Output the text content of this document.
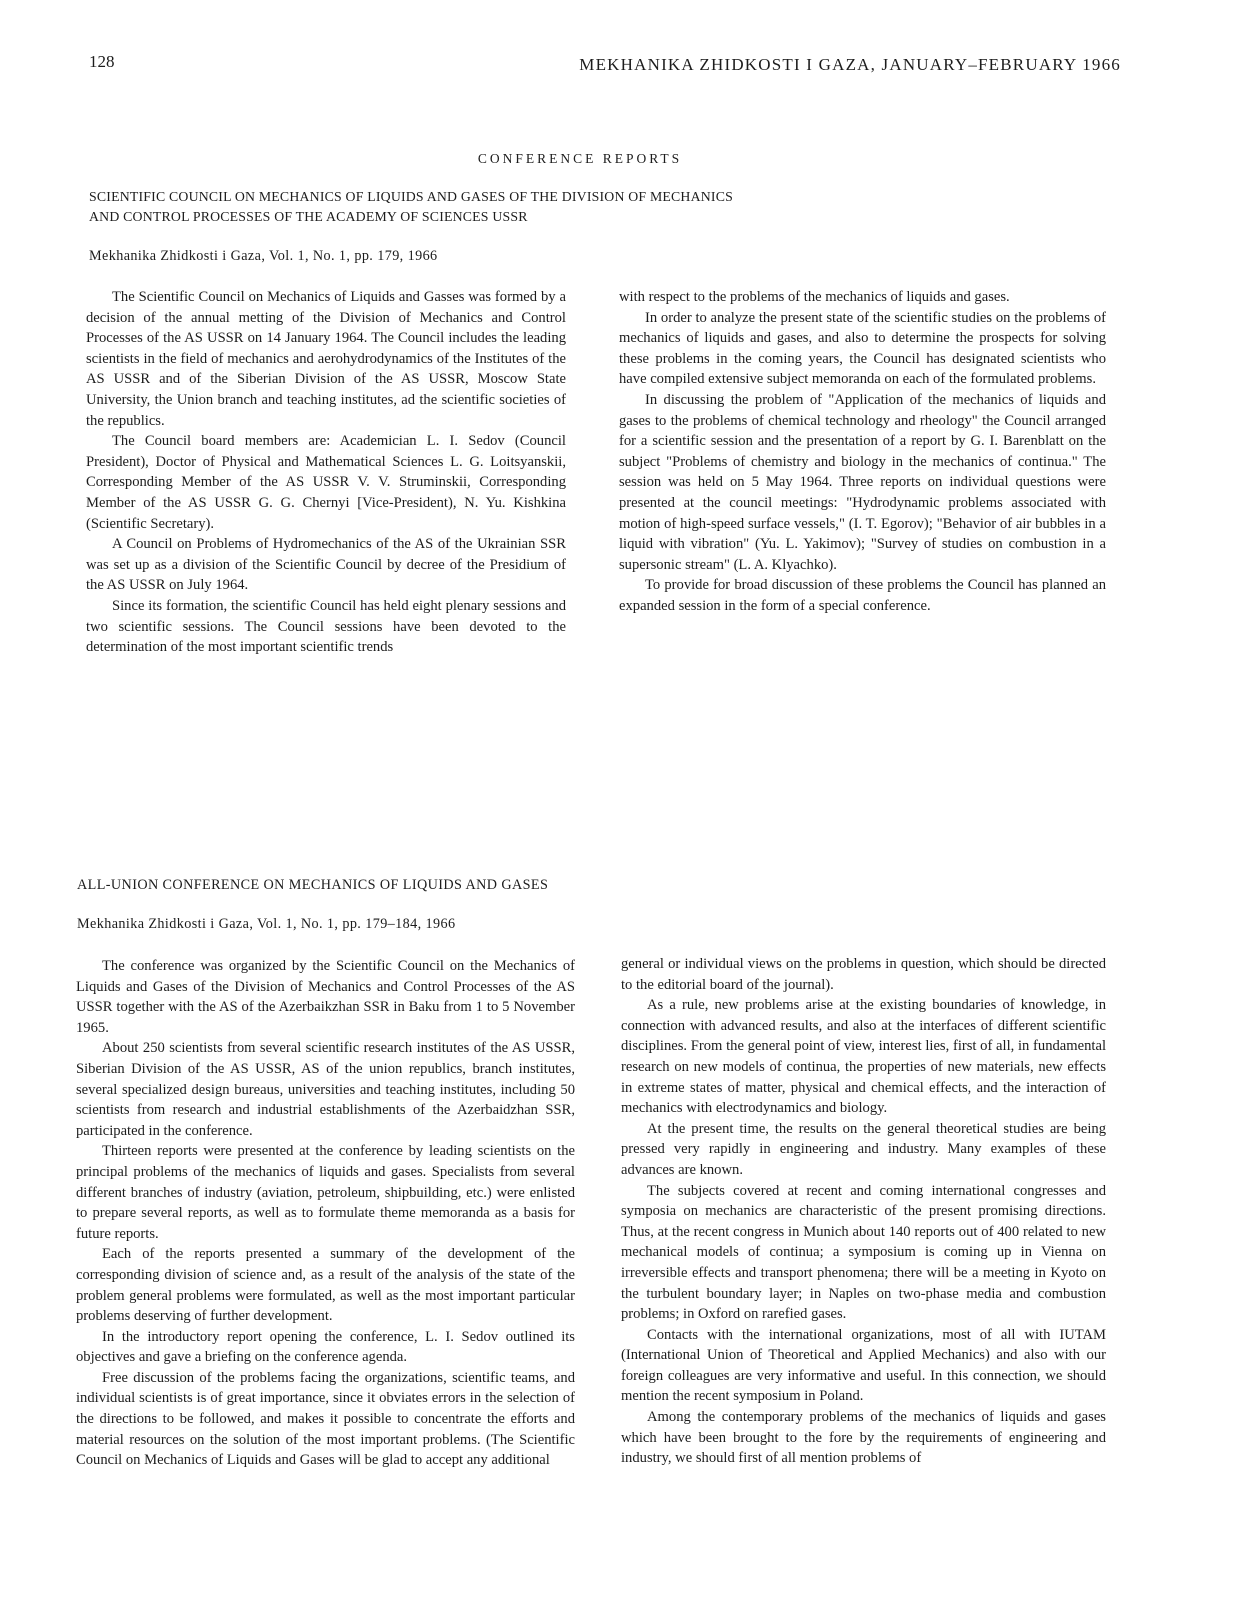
128	MEKHANIKA ZHIDKOSTI I GAZA, JANUARY–FEBRUARY 1966
CONFERENCE REPORTS
SCIENTIFIC COUNCIL ON MECHANICS OF LIQUIDS AND GASES OF THE DIVISION OF MECHANICS
AND CONTROL PROCESSES OF THE ACADEMY OF SCIENCES USSR
Mekhanika Zhidkosti i Gaza, Vol. 1, No. 1, pp. 179, 1966

The Scientific Council on Mechanics of Liquids and Gasses was formed by a decision of the annual metting of the Division of Mechanics and Control Processes of the AS USSR on 14 January 1964. The Council includes the leading scientists in the field of mechanics and aerohydrodynamics of the Institutes of the AS USSR and of the Siberian Division of the AS USSR, Moscow State University, the Union branch and teaching institutes, ad the scientific societies of the republics.

The Council board members are: Academician L. I. Sedov (Council President), Doctor of Physical and Mathematical Sciences L. G. Loitsyanskii, Corresponding Member of the AS USSR V. V. Struminskii, Corresponding Member of the AS USSR G. G. Chernyi [Vice-President), N. Yu. Kishkina (Scientific Secretary).

A Council on Problems of Hydromechanics of the AS of the Ukrainian SSR was set up as a division of the Scientific Council by decree of the Presidium of the AS USSR on July 1964.

Since its formation, the scientific Council has held eight plenary sessions and two scientific sessions. The Council sessions have been devoted to the determination of the most important scientific trends

with respect to the problems of the mechanics of liquids and gases.

In order to analyze the present state of the scientific studies on the problems of mechanics of liquids and gases, and also to determine the prospects for solving these problems in the coming years, the Council has designated scientists who have compiled extensive subject memoranda on each of the formulated problems.

In discussing the problem of "Application of the mechanics of liquids and gases to the problems of chemical technology and rheology" the Council arranged for a scientific session and the presentation of a report by G. I. Barenblatt on the subject "Problems of chemistry and biology in the mechanics of continua." The session was held on 5 May 1964. Three reports on individual questions were presented at the council meetings: "Hydrodynamic problems associated with motion of high-speed surface vessels," (I. T. Egorov); "Behavior of air bubbles in a liquid with vibration" (Yu. L. Yakimov); "Survey of studies on combustion in a supersonic stream" (L. A. Klyachko).

To provide for broad discussion of these problems the Council has planned an expanded session in the form of a special conference.

ALL-UNION CONFERENCE ON MECHANICS OF LIQUIDS AND GASES
Mekhanika Zhidkosti i Gaza, Vol. 1, No. 1, pp. 179–184, 1966

The conference was organized by the Scientific Council on the Mechanics of Liquids and Gases of the Division of Mechanics and Control Processes of the AS USSR together with the AS of the Azerbaikzhan SSR in Baku from 1 to 5 November 1965.

About 250 scientists from several scientific research institutes of the AS USSR, Siberian Division of the AS USSR, AS of the union republics, branch institutes, several specialized design bureaus, universities and teaching institutes, including 50 scientists from research and industrial establishments of the Azerbaidzhan SSR, participated in the conference.

Thirteen reports were presented at the conference by leading scientists on the principal problems of the mechanics of liquids and gases. Specialists from several different branches of industry (aviation, petroleum, shipbuilding, etc.) were enlisted to prepare several reports, as well as to formulate theme memoranda as a basis for future reports.

Each of the reports presented a summary of the development of the corresponding division of science and, as a result of the analysis of the state of the problem general problems were formulated, as well as the most important particular problems deserving of further development.

In the introductory report opening the conference, L. I. Sedov outlined its objectives and gave a briefing on the conference agenda.

Free discussion of the problems facing the organizations, scientific teams, and individual scientists is of great importance, since it obviates errors in the selection of the directions to be followed, and makes it possible to concentrate the efforts and material resources on the solution of the most important problems. (The Scientific Council on Mechanics of Liquids and Gases will be glad to accept any additional

general or individual views on the problems in question, which should be directed to the editorial board of the journal).

As a rule, new problems arise at the existing boundaries of knowledge, in connection with advanced results, and also at the interfaces of different scientific disciplines. From the general point of view, interest lies, first of all, in fundamental research on new models of continua, the properties of new materials, new effects in extreme states of matter, physical and chemical effects, and the interaction of mechanics with electrodynamics and biology.

At the present time, the results on the general theoretical studies are being pressed very rapidly in engineering and industry. Many examples of these advances are known.

The subjects covered at recent and coming international congresses and symposia on mechanics are characteristic of the present promising directions. Thus, at the recent congress in Munich about 140 reports out of 400 related to new mechanical models of continua; a symposium is coming up in Vienna on irreversible effects and transport phenomena; there will be a meeting in Kyoto on the turbulent boundary layer; in Naples on two-phase media and combustion problems; in Oxford on rarefied gases.

Contacts with the international organizations, most of all with IUTAM (International Union of Theoretical and Applied Mechanics) and also with our foreign colleagues are very informative and useful. In this connection, we should mention the recent symposium in Poland.

Among the contemporary problems of the mechanics of liquids and gases which have been brought to the fore by the requirements of engineering and industry, we should first of all mention problems of
